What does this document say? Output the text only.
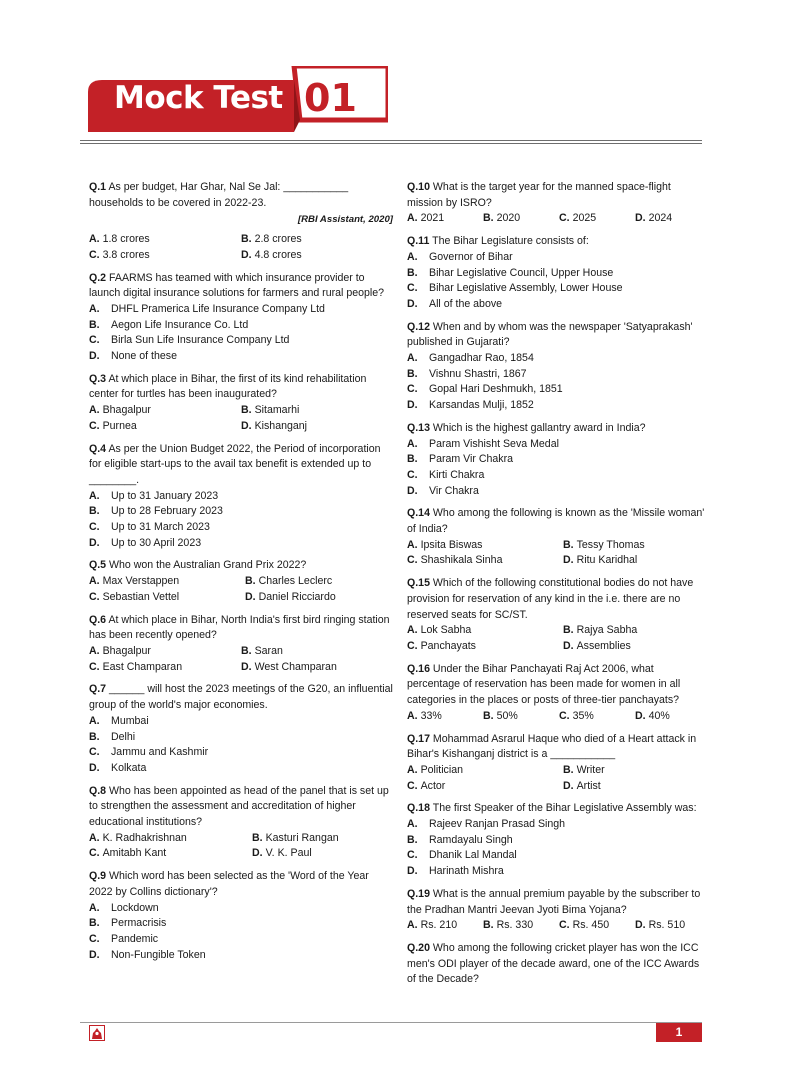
Mock Test 01

Q.1 As per budget, Har Ghar, Nal Se Jal: ___________ households to be covered in 2022-23.

[RBI Assistant, 2020]
A. 1.8 crores	B. 2.8 crores
C. 3.8 crores	D. 4.8 crores

Q.2 FAARMS has teamed with which insurance provider to launch digital insurance solutions for farmers and rural people?

A.	DHFL Pramerica Life Insurance Company Ltd
B.	Aegon Life Insurance Co. Ltd
C.	Birla Sun Life Insurance Company Ltd
D.	None of these

Q.3 At which place in Bihar, the first of its kind rehabilitation center for turtles has been inaugurated?

A. Bhagalpur	B. Sitamarhi
C. Purnea	D. Kishanganj

Q.4 As per the Union Budget 2022, the Period of incorporation for eligible start-ups to the avail tax benefit is extended up to ________.

A.	Up to 31 January 2023
B.	Up to 28 February 2023
C.	Up to 31 March 2023
D.	Up to 30 April 2023

Q.5 Who won the Australian Grand Prix 2022?

A. Max Verstappen	B. Charles Leclerc
C. Sebastian Vettel	D. Daniel Ricciardo

Q.6 At which place in Bihar, North India's first bird ringing station has been recently opened?

A. Bhagalpur	B. Saran
C. East Champaran	D. West Champaran

Q.7 ______ will host the 2023 meetings of the G20, an influential group of the world's major economies.

A.	Mumbai
B.	Delhi
C.	Jammu and Kashmir
D.	Kolkata

Q.8 Who has been appointed as head of the panel that is set up to strengthen the assessment and accreditation of higher educational institutions?

A. K. Radhakrishnan	B. Kasturi Rangan
C. Amitabh Kant	D. V. K. Paul

Q.9 Which word has been selected as the 'Word of the Year 2022 by Collins dictionary'?

A.	Lockdown
B.	Permacrisis
C.	Pandemic
D.	Non-Fungible Token

Q.10 What is the target year for the manned space-flight mission by ISRO?

A. 2021	B. 2020	C. 2025	D. 2024

Q.11 The Bihar Legislature consists of:

A.	Governor of Bihar
B.	Bihar Legislative Council, Upper House
C.	Bihar Legislative Assembly, Lower House
D.	All of the above

Q.12 When and by whom was the newspaper 'Satyaprakash' published in Gujarati?

A.	Gangadhar Rao, 1854
B.	Vishnu Shastri, 1867
C.	Gopal Hari Deshmukh, 1851
D.	Karsandas Mulji, 1852

Q.13 Which is the highest gallantry award in India?

A.	Param Vishisht Seva Medal
B.	Param Vir Chakra
C.	Kirti Chakra
D.	Vir Chakra

Q.14 Who among the following is known as the 'Missile woman' of India?

A. Ipsita Biswas	B. Tessy Thomas
C. Shashikala Sinha	D. Ritu Karidhal

Q.15 Which of the following constitutional bodies do not have provision for reservation of any kind in the i.e. there are no reserved seats for SC/ST.

A. Lok Sabha	B. Rajya Sabha
C. Panchayats	D. Assemblies

Q.16 Under the Bihar Panchayati Raj Act 2006, what percentage of reservation has been made for women in all categories in the places or posts of three-tier panchayats?

A. 33%	B. 50%	C. 35%	D. 40%

Q.17 Mohammad Asrarul Haque who died of a Heart attack in Bihar's Kishanganj district is a ___________

A. Politician	B. Writer
C. Actor	D. Artist

Q.18 The first Speaker of the Bihar Legislative Assembly was:

A.	Rajeev Ranjan Prasad Singh
B.	Ramdayalu Singh
C.	Dhanik Lal Mandal
D.	Harinath Mishra

Q.19 What is the annual premium payable by the subscriber to the Pradhan Mantri Jeevan Jyoti Bima Yojana?

A. Rs. 210	B. Rs. 330	C. Rs. 450	D. Rs. 510

Q.20 Who among the following cricket player has won the ICC men's ODI player of the decade award, one of the ICC Awards of the Decade?

1
